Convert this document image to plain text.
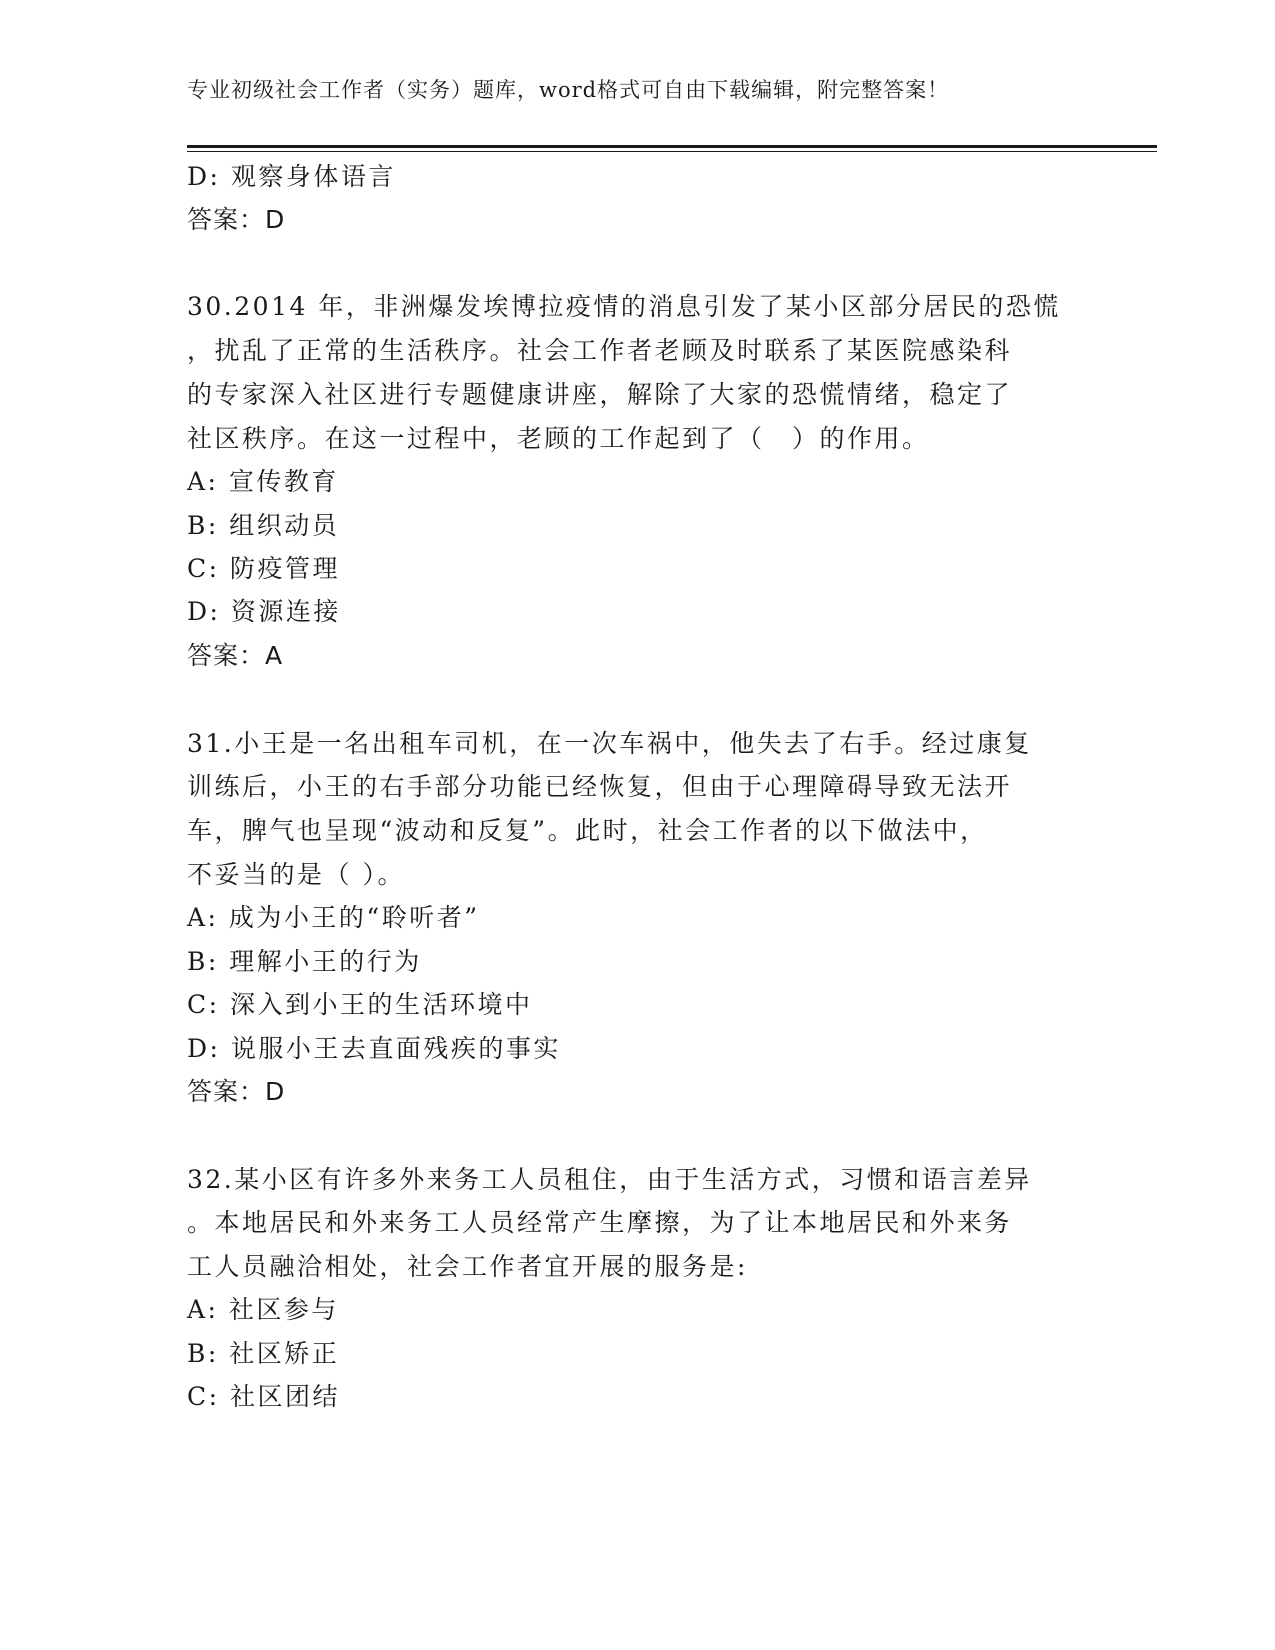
专业初级社会工作者（实务）题库，word格式可自由下载编辑，附完整答案！
D: 观察身体语言
答案：D
30.2014 年，非洲爆发埃博拉疫情的消息引发了某小区部分居民的恐慌
，扰乱了正常的生活秩序。社会工作者老顾及时联系了某医院感染科
的专家深入社区进行专题健康讲座，解除了大家的恐慌情绪，稳定了
社区秩序。在这一过程中，老顾的工作起到了（　）的作用。
A: 宣传教育
B: 组织动员
C: 防疫管理
D: 资源连接
答案：A
31.小王是一名出租车司机，在一次车祸中，他失去了右手。经过康复
训练后，小王的右手部分功能已经恢复，但由于心理障碍导致无法开
车，脾气也呈现“波动和反复”。此时，社会工作者的以下做法中，
不妥当的是（ ）。
A: 成为小王的“聆听者”
B: 理解小王的行为
C: 深入到小王的生活环境中
D: 说服小王去直面残疾的事实
答案：D
32.某小区有许多外来务工人员租住，由于生活方式，习惯和语言差异
。本地居民和外来务工人员经常产生摩擦，为了让本地居民和外来务
工人员融洽相处，社会工作者宜开展的服务是:
A: 社区参与
B: 社区矫正
C: 社区团结
